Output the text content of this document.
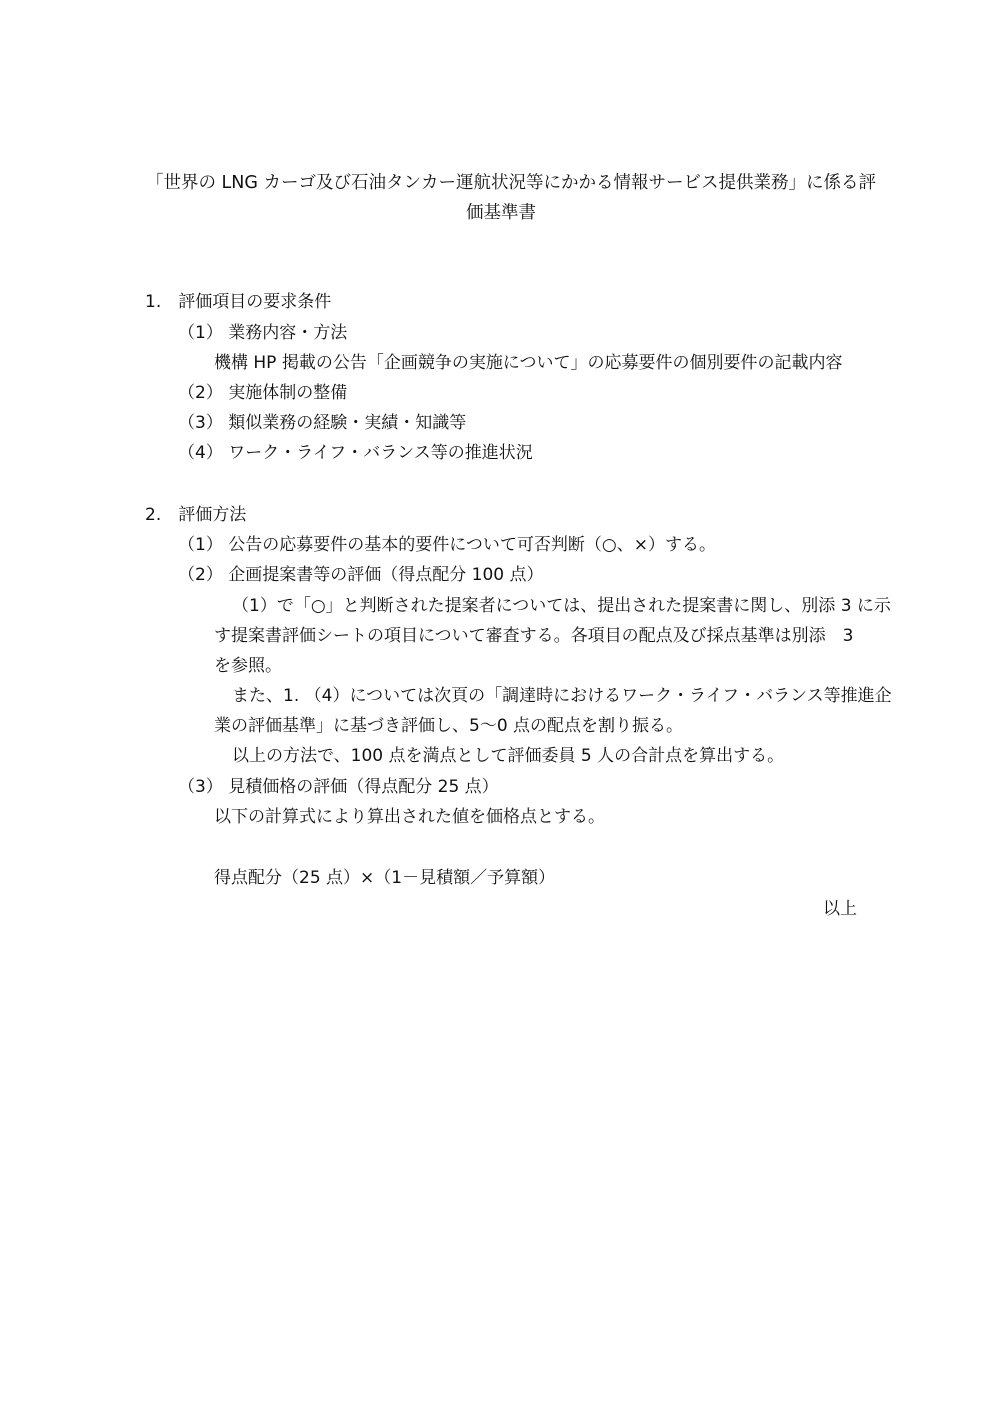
「世界の LNG カーゴ及び石油タンカー運航状況等にかかる情報サービス提供業務」に係る評
価基準書
1.　評価項目の要求条件
（1） 業務内容・方法
機構 HP 掲載の公告「企画競争の実施について」の応募要件の個別要件の記載内容
（2） 実施体制の整備
（3） 類似業務の経験・実績・知識等
（4） ワーク・ライフ・バランス等の推進状況
2.　評価方法
（1） 公告の応募要件の基本的要件について可否判断（○、×）する。
（2） 企画提案書等の評価（得点配分 100 点）
（1）で「○」と判断された提案者については、提出された提案書に関し、別添 3 に示
す提案書評価シートの項目について審査する。各項目の配点及び採点基準は別添　3
を参照。
また、1. （4）については次頁の「調達時におけるワーク・ライフ・バランス等推進企
業の評価基準」に基づき評価し、5～0 点の配点を割り振る。
以上の方法で、100 点を満点として評価委員 5 人の合計点を算出する。
（3） 見積価格の評価（得点配分 25 点）
以下の計算式により算出された値を価格点とする。
得点配分（25 点）×（1－見積額／予算額）
以上
